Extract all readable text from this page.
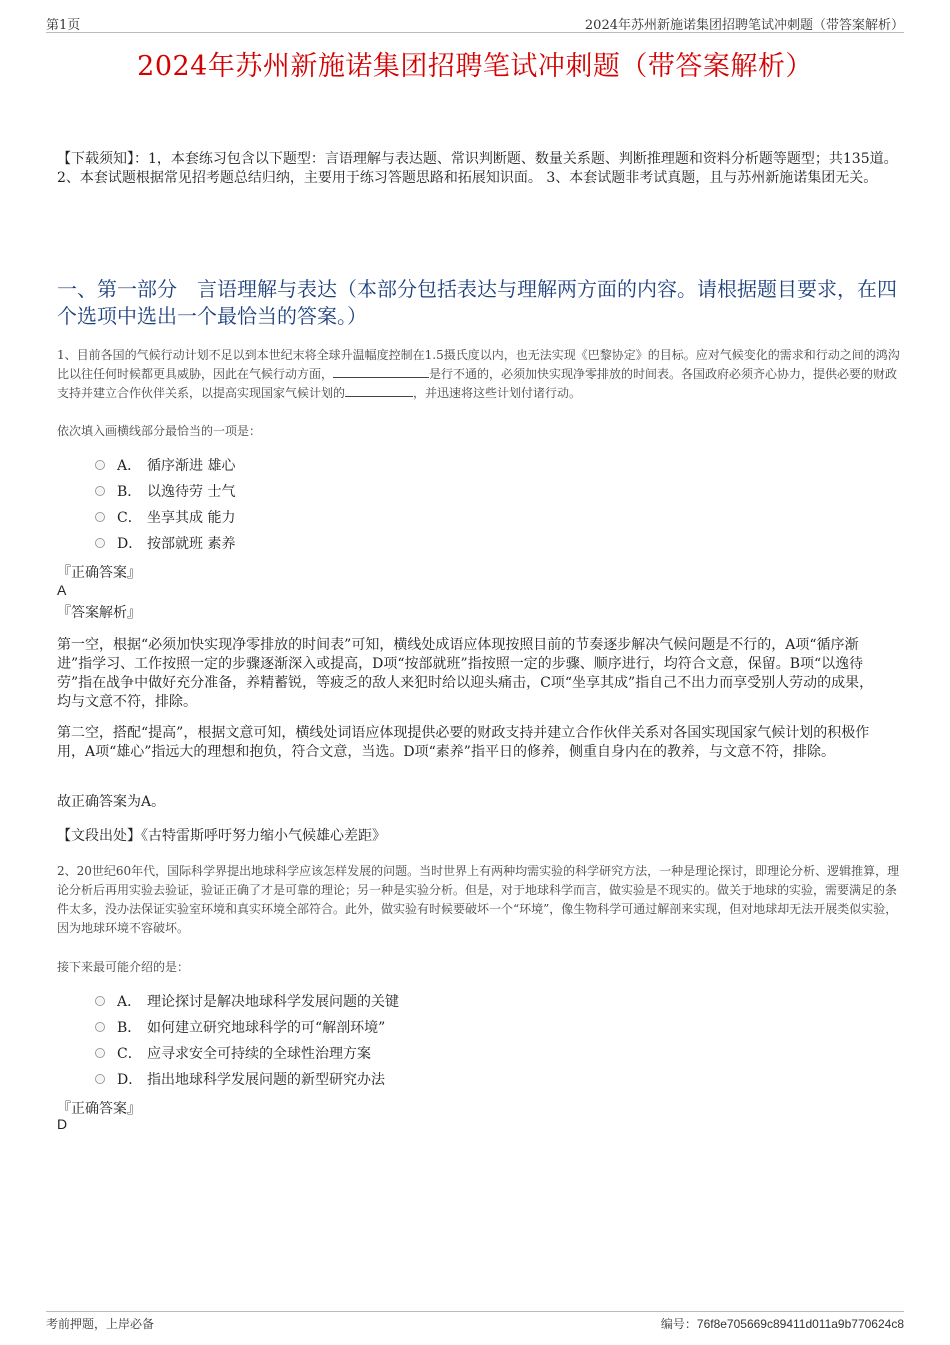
第1页	2024年苏州新施诺集团招聘笔试冲刺题（带答案解析）
2024年苏州新施诺集团招聘笔试冲刺题（带答案解析）
【下载须知】：1，本套练习包含以下题型：言语理解与表达题、常识判断题、数量关系题、判断推理题和资料分析题等题型；共135道。 2、本套试题根据常见招考题总结归纳，主要用于练习答题思路和拓展知识面。 3、本套试题非考试真题，且与苏州新施诺集团无关。
一、第一部分　言语理解与表达（本部分包括表达与理解两方面的内容。请根据题目要求，在四个选项中选出一个最恰当的答案。）
1、目前各国的气候行动计划不足以到本世纪末将全球升温幅度控制在1.5摄氏度以内，也无法实现《巴黎协定》的目标。应对气候变化的需求和行动之间的鸿沟比以往任何时候都更具威胁，因此在气候行动方面，	是行不通的，必须加快实现净零排放的时间表。各国政府必须齐心协力，提供必要的财政支持并建立合作伙伴关系，以提高实现国家气候计划的	，并迅速将这些计划付诸行动。
依次填入画横线部分最恰当的一项是：
A． 循序渐进 雄心
B． 以逸待劳 士气
C． 坐享其成 能力
D． 按部就班 素养
『正确答案』
A
『答案解析』
第一空，根据“必须加快实现净零排放的时间表”可知，横线处成语应体现按照目前的节奏逐步解决气候问题是不行的，A项“循序渐进”指学习、工作按照一定的步骤逐渐深入或提高，D项“按部就班”指按照一定的步骤、顺序进行，均符合文意，保留。B项“以逸待劳”指在战争中做好充分准备，养精蓄锐，等疲乏的敌人来犯时给以迎头痛击，C项“坐享其成”指自己不出力而享受别人劳动的成果，均与文意不符，排除。
第二空，搭配“提高”，根据文意可知，横线处词语应体现提供必要的财政支持并建立合作伙伴关系对各国实现国家气候计划的积极作用，A项“雄心”指远大的理想和抱负，符合文意，当选。D项“素养”指平日的修养，侧重自身内在的教养，与文意不符，排除。
故正确答案为A。
【文段出处】《古特雷斯呼吁努力缩小气候雄心差距》
2、20世纪60年代，国际科学界提出地球科学应该怎样发展的问题。当时世界上有两种均需实验的科学研究方法，一种是理论探讨，即理论分析、逻辑推算，理论分析后再用实验去验证，验证正确了才是可靠的理论；另一种是实验分析。但是，对于地球科学而言，做实验是不现实的。做关于地球的实验，需要满足的条件太多，没办法保证实验室环境和真实环境全部符合。此外，做实验有时候要破坏一个“环境”，像生物科学可通过解剖来实现，但对地球却无法开展类似实验，因为地球环境不容破坏。
接下来最可能介绍的是：
A． 理论探讨是解决地球科学发展问题的关键
B． 如何建立研究地球科学的可“解剖环境”
C． 应寻求安全可持续的全球性治理方案
D． 指出地球科学发展问题的新型研究办法
『正确答案』
D
考前押题，上岸必备	编号：76f8e705669c89411d011a9b770624c8
